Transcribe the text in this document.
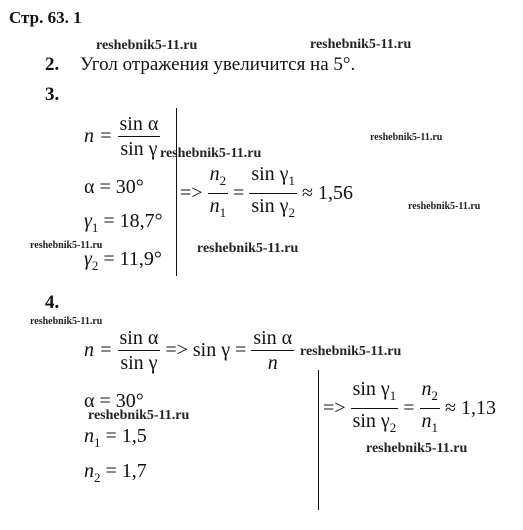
Стр. 63. 1
reshebnik5-11.ru	reshebnik5-11.ru
reshebnik5-11.ru
reshebnik5-11.ru
reshebnik5-11.ru
reshebnik5-11.ru	reshebnik5-11.ru
reshebnik5-11.ru
reshebnik5-11.ru
reshebnik5-11.ru
reshebnik5-11.ru
2. Угол отражения увеличится на 5°.
3.
$n = \frac{\text{sin α}}{\text{sin γ}}$
α = 30°
$\gamma_1 = 18,7^\circ$
$\gamma_2 = 11,9^\circ$
=> $\frac{n_2}{n_1} = \frac{\sin \gamma_1}{\sin \gamma_2} \approx 1,56$
4.
$n = \frac{\text{sin α}}{\text{sin γ}} => \sin \gamma = \frac{\text{sin α}}{n}$
α = 30°
$n_1 = 1,5$
$n_2 = 1,7$
=> $\frac{\sin \gamma_1}{\sin \gamma_2} = \frac{n_2}{n_1} \approx 1,13$
